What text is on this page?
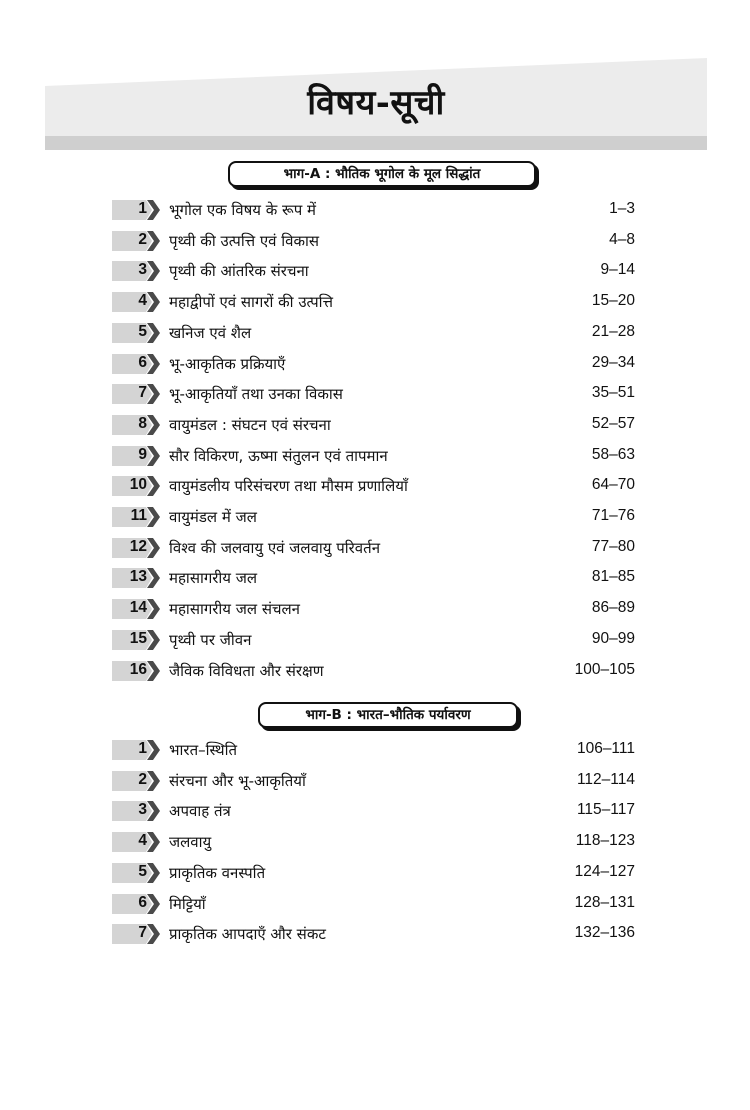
विषय-सूची
भाग-A : भौतिक भूगोल के मूल सिद्धांत
1 भूगोल एक विषय के रूप में	1–3
2 पृथ्वी की उत्पत्ति एवं विकास	4–8
3 पृथ्वी की आंतरिक संरचना	9–14
4 महाद्वीपों एवं सागरों की उत्पत्ति	15–20
5 खनिज एवं शैल	21–28
6 भू-आकृतिक प्रक्रियाएँ	29–34
7 भू-आकृतियाँ तथा उनका विकास	35–51
8 वायुमंडल : संघटन एवं संरचना	52–57
9 सौर विकिरण, ऊष्मा संतुलन एवं तापमान	58–63
10 वायुमंडलीय परिसंचरण तथा मौसम प्रणालियाँ	64–70
11 वायुमंडल में जल	71–76
12 विश्व की जलवायु एवं जलवायु परिवर्तन	77–80
13 महासागरीय जल	81–85
14 महासागरीय जल संचलन	86–89
15 पृथ्वी पर जीवन	90–99
16 जैविक विविधता और संरक्षण	100–105
भाग-B : भारत–भौतिक पर्यावरण
1 भारत–स्थिति	106–111
2 संरचना और भू-आकृतियाँ	112–114
3 अपवाह तंत्र	115–117
4 जलवायु	118–123
5 प्राकृतिक वनस्पति	124–127
6 मिट्टियाँ	128–131
7 प्राकृतिक आपदाएँ और संकट	132–136
